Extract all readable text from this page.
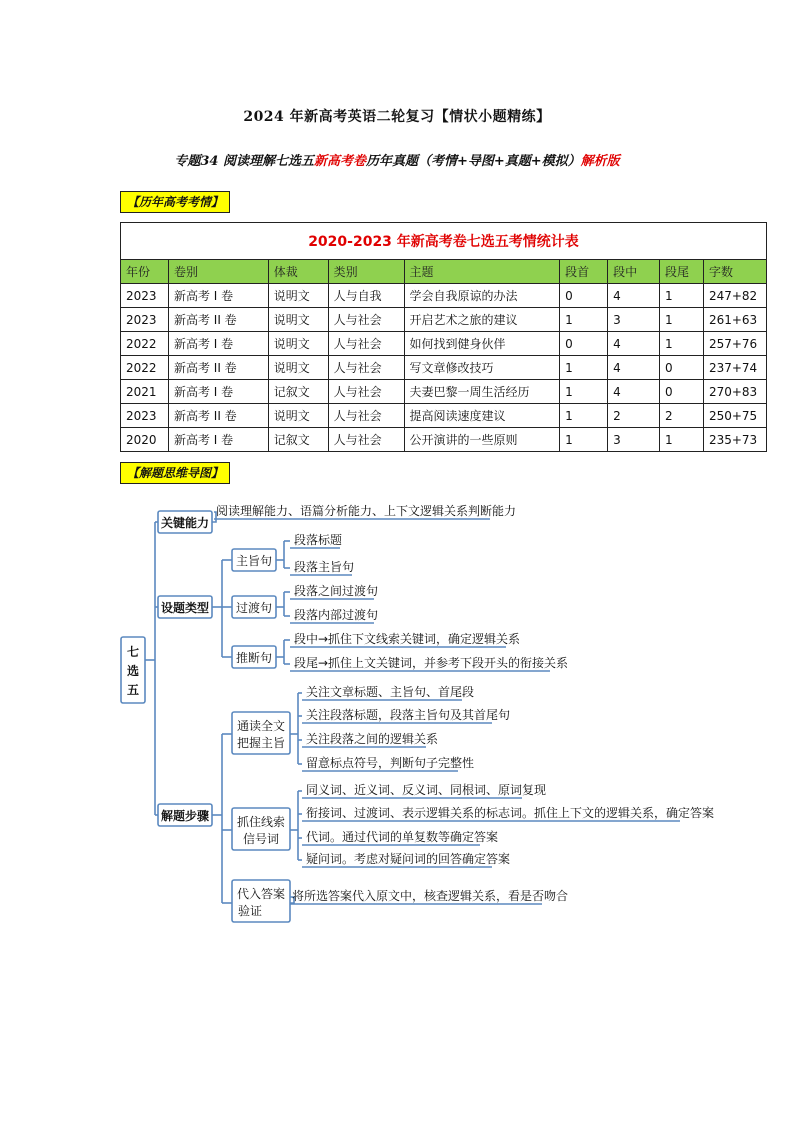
2024 年新高考英语二轮复习【情状小题精练】
专题34 阅读理解七选五新高考卷历年真题（考情+导图+真题+模拟）解析版
【历年高考考情】
2020-2023 年新高考卷七选五考情统计表								
年份	卷别	体裁	类别	主题	段首	段中	段尾	字数
2023	新高考 I 卷	说明文	人与自我	学会自我原谅的办法	0	4	1	247+82
2023	新高考 II 卷	说明文	人与社会	开启艺术之旅的建议	1	3	1	261+63
2022	新高考 I 卷	说明文	人与社会	如何找到健身伙伴	0	4	1	257+76
2022	新高考 II 卷	说明文	人与社会	写文章修改技巧	1	4	0	237+74
2021	新高考 I 卷	记叙文	人与社会	夫妻巴黎一周生活经历	1	4	0	270+83
2023	新高考 II 卷	说明文	人与社会	提高阅读速度建议	1	2	2	250+75
2020	新高考 I 卷	记叙文	人与社会	公开演讲的一些原则	1	3	1	235+73
【解题思维导图】
七
选
五
关键能力
设题类型
解题步骤
阅读理解能力、语篇分析能力、上下文逻辑关系判断能力
主旨句
过渡句
推断句
通读全文
把握主旨
抓住线索
信号词
代入答案
验证
段落标题
段落主旨句
段落之间过渡句
段落内部过渡句
段中→抓住下文线索关键词，确定逻辑关系
段尾→抓住上文关键词，并参考下段开头的衔接关系
关注文章标题、主旨句、首尾段
关注段落标题，段落主旨句及其首尾句
关注段落之间的逻辑关系
留意标点符号，判断句子完整性
同义词、近义词、反义词、同根词、原词复现
衔接词、过渡词、表示逻辑关系的标志词。抓住上下文的逻辑关系，确定答案
代词。通过代词的单复数等确定答案
疑问词。考虑对疑问词的回答确定答案
将所选答案代入原文中，核查逻辑关系，看是否吻合
